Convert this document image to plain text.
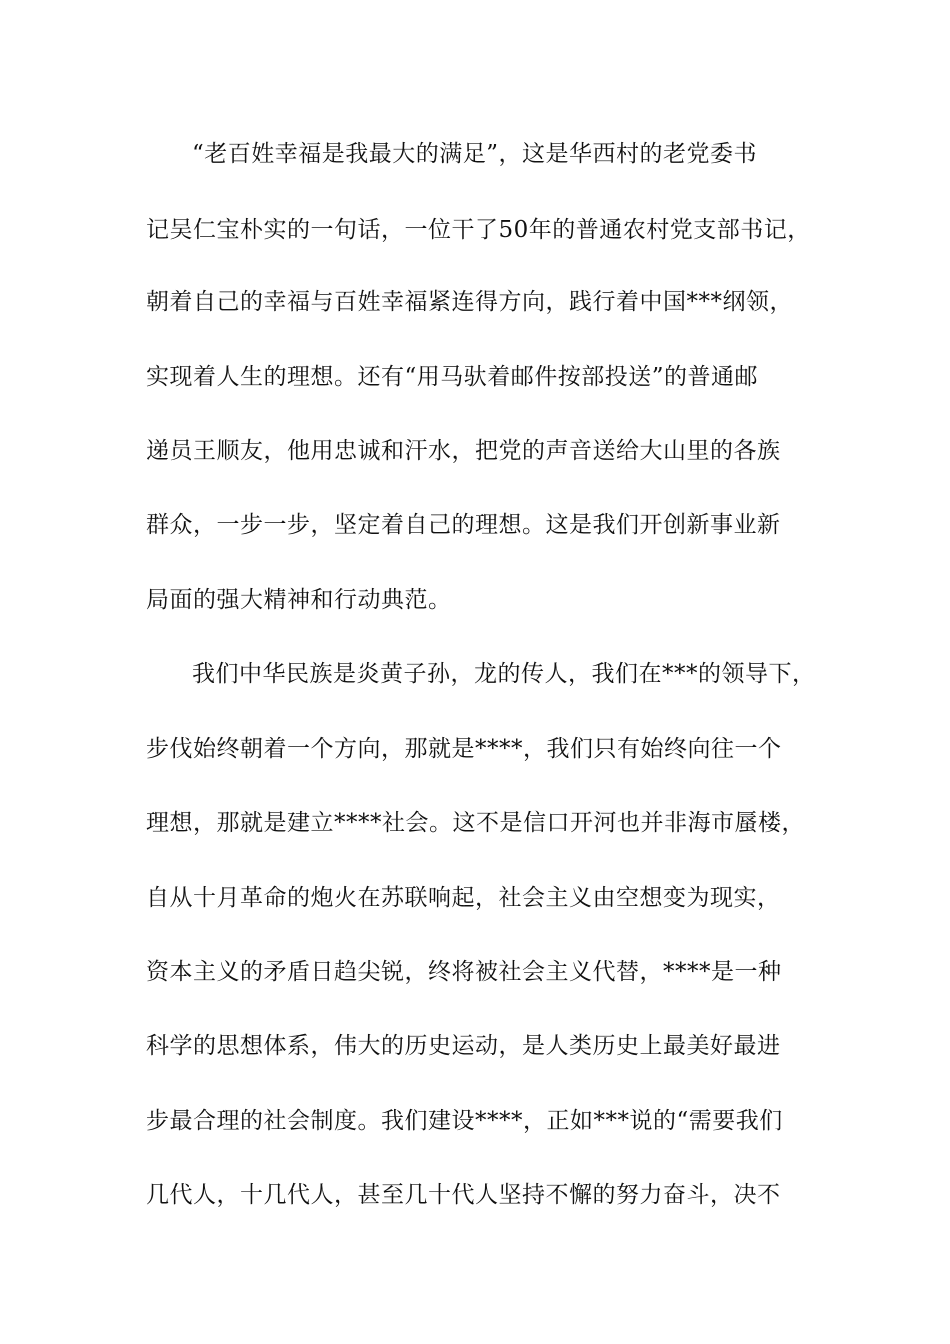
“老百姓幸福是我最大的满足”，这是华西村的老党委书
记吴仁宝朴实的一句话，一位干了50年的普通农村党支部书记，
朝着自己的幸福与百姓幸福紧连得方向，践行着中国***纲领，
实现着人生的理想。还有“用马驮着邮件按部投送”的普通邮
递员王顺友，他用忠诚和汗水，把党的声音送给大山里的各族
群众，一步一步，坚定着自己的理想。这是我们开创新事业新
局面的强大精神和行动典范。
我们中华民族是炎黄子孙，龙的传人，我们在***的领导下，
步伐始终朝着一个方向，那就是****，我们只有始终向往一个
理想，那就是建立****社会。这不是信口开河也并非海市蜃楼，
自从十月革命的炮火在苏联响起，社会主义由空想变为现实，
资本主义的矛盾日趋尖锐，终将被社会主义代替，****是一种
科学的思想体系，伟大的历史运动，是人类历史上最美好最进
步最合理的社会制度。我们建设****，正如***说的“需要我们
几代人，十几代人，甚至几十代人坚持不懈的努力奋斗，决不
